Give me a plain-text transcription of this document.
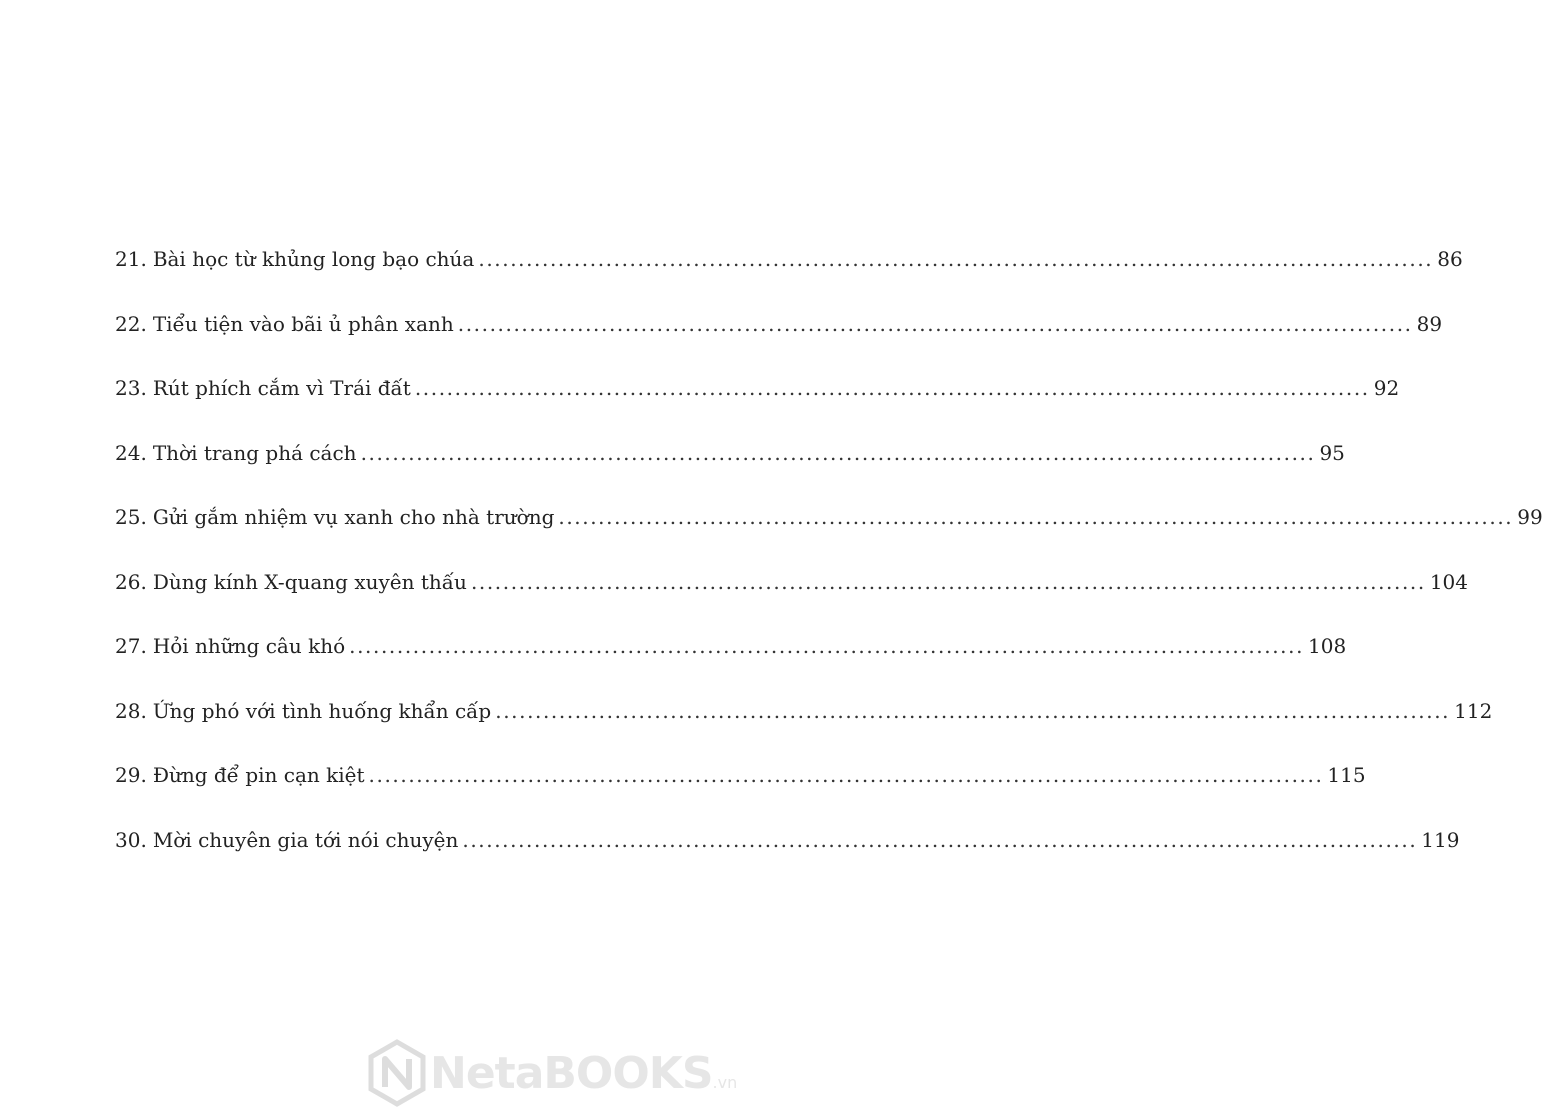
21. Bài học từ khủng long bạo chúa ........................................................................................................................ 86
22. Tiểu tiện vào bãi ủ phân xanh ........................................................................................................................ 89
23. Rút phích cắm vì Trái đất ........................................................................................................................ 92
24. Thời trang phá cách ........................................................................................................................ 95
25. Gửi gắm nhiệm vụ xanh cho nhà trường ........................................................................................................................ 99
26. Dùng kính X-quang xuyên thấu ........................................................................................................................ 104
27. Hỏi những câu khó ........................................................................................................................ 108
28. Ứng phó với tình huống khẩn cấp ........................................................................................................................ 112
29. Đừng để pin cạn kiệt ........................................................................................................................ 115
30. Mời chuyên gia tới nói chuyện ........................................................................................................................ 119
NetaBOOKS.vn
